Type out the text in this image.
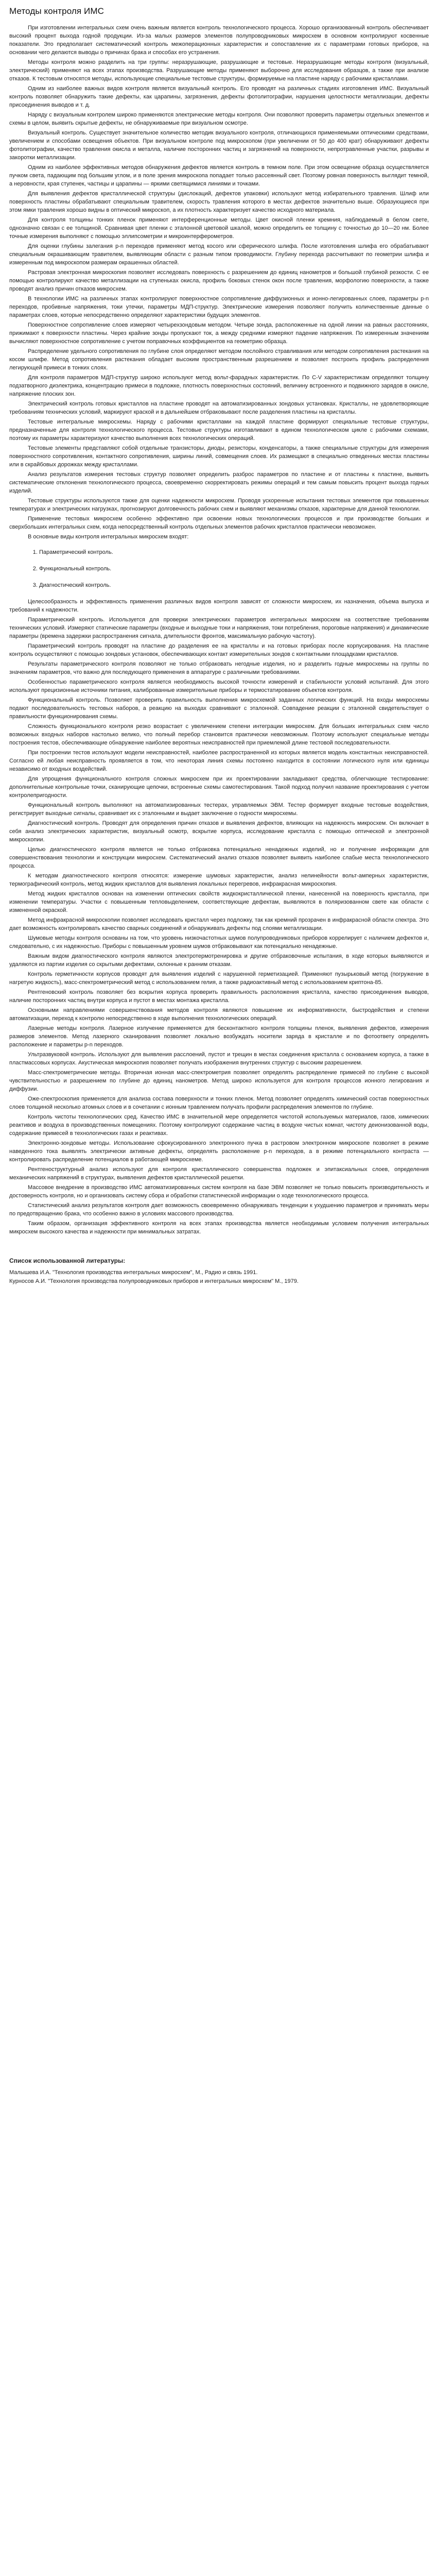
Методы контроля ИМС

При изготовлении интегральных схем очень важным является контроль технологического процесса. Хорошо организованный контроль обеспечивает высокий процент выхода годной продукции. Из-за малых размеров элементов полупроводниковых микросхем в основном контролируют косвенные показатели. Это предполагает систематический контроль межоперационных характеристик и сопоставление их с параметрами готовых приборов, на основании чего делаются выводы о причинах брака и способах его устранения.

Методы контроля можно разделить на три группы: неразрушающие, разрушающие и тестовые. Неразрушающие методы контроля (визуальный, электрический) применяют на всех этапах производства. Разрушающие методы применяют выборочно для исследования образцов, а также при анализе отказов. К тестовым относятся методы, использующие специальные тестовые структуры, формируемые на пластине наряду с рабочими кристаллами.

Одним из наиболее важных видов контроля является визуальный контроль. Его проводят на различных стадиях изготовления ИМС. Визуальный контроль позволяет обнаружить такие дефекты, как царапины, загрязнения, дефекты фотолитографии, нарушения целостности металлизации, дефекты присоединения выводов и т. д.

Наряду с визуальным контролем широко применяются электрические методы контроля. Они позволяют проверить параметры отдельных элементов и схемы в целом, выявить скрытые дефекты, не обнаруживаемые при визуальном осмотре.

Визуальный контроль. Существует значительное количество методик визуального контроля, отличающихся применяемыми оптическими средствами, увеличением и способами освещения объектов. При визуальном контроле под микроскопом (при увеличении от 50 до 400 крат) обнаруживают дефекты фотолитографии, качество травления окисла и металла, наличие посторонних частиц и загрязнений на поверхности, непротравленные участки, разрывы и закоротки металлизации.

Одним из наиболее эффективных методов обнаружения дефектов является контроль в темном поле. При этом освещение образца осуществляется пучком света, падающим под большим углом, и в поле зрения микроскопа попадает только рассеянный свет. Поэтому ровная поверхность выглядит темной, а неровности, края ступенек, частицы и царапины — яркими светящимися линиями и точками.

Для выявления дефектов кристаллической структуры (дислокаций, дефектов упаковки) используют метод избирательного травления. Шлиф или поверхность пластины обрабатывают специальным травителем, скорость травления которого в местах дефектов значительно выше. Образующиеся при этом ямки травления хорошо видны в оптический микроскоп, а их плотность характеризует качество исходного материала.

Для контроля толщины тонких пленок применяют интерференционные методы. Цвет окисной пленки кремния, наблюдаемый в белом свете, однозначно связан с ее толщиной. Сравнивая цвет пленки с эталонной цветовой шкалой, можно определить ее толщину с точностью до 10—20 нм. Более точные измерения выполняют с помощью эллипсометрии и микроинтерферометров.

Для оценки глубины залегания p-n переходов применяют метод косого или сферического шлифа. После изготовления шлифа его обрабатывают специальным окрашивающим травителем, выявляющим области с разным типом проводимости. Глубину перехода рассчитывают по геометрии шлифа и измеренным под микроскопом размерам окрашенных областей.

Растровая электронная микроскопия позволяет исследовать поверхность с разрешением до единиц нанометров и большой глубиной резкости. С ее помощью контролируют качество металлизации на ступеньках окисла, профиль боковых стенок окон после травления, морфологию поверхности, а также проводят анализ причин отказов микросхем.

В технологии ИМС на различных этапах контролируют поверхностное сопротивление диффузионных и ионно-легированных слоев, параметры p-n переходов, пробивные напряжения, токи утечки, параметры МДП-структур. Электрические измерения позволяют получить количественные данные о параметрах слоев, которые непосредственно определяют характеристики будущих элементов.

Поверхностное сопротивление слоев измеряют четырехзондовым методом. Четыре зонда, расположенные на одной линии на равных расстояниях, прижимают к поверхности пластины. Через крайние зонды пропускают ток, а между средними измеряют падение напряжения. По измеренным значениям вычисляют поверхностное сопротивление с учетом поправочных коэффициентов на геометрию образца.

Распределение удельного сопротивления по глубине слоя определяют методом послойного стравливания или методом сопротивления растекания на косом шлифе. Метод сопротивления растекания обладает высоким пространственным разрешением и позволяет построить профиль распределения легирующей примеси в тонких слоях.

Для контроля параметров МДП-структур широко используют метод вольт-фарадных характеристик. По C-V характеристикам определяют толщину подзатворного диэлектрика, концентрацию примеси в подложке, плотность поверхностных состояний, величину встроенного и подвижного зарядов в окисле, напряжение плоских зон.

Электрический контроль готовых кристаллов на пластине проводят на автоматизированных зондовых установках. Кристаллы, не удовлетворяющие требованиям технических условий, маркируют краской и в дальнейшем отбраковывают после разделения пластины на кристаллы.

Тестовые интегральные микросхемы. Наряду с рабочими кристаллами на каждой пластине формируют специальные тестовые структуры, предназначенные для контроля технологического процесса. Тестовые структуры изготавливают в едином технологическом цикле с рабочими схемами, поэтому их параметры характеризуют качество выполнения всех технологических операций.

Тестовые элементы представляют собой отдельные транзисторы, диоды, резисторы, конденсаторы, а также специальные структуры для измерения поверхностного сопротивления, контактного сопротивления, ширины линий, совмещения слоев. Их размещают в специально отведенных местах пластины или в скрайбовых дорожках между кристаллами.

Анализ результатов измерения тестовых структур позволяет определить разброс параметров по пластине и от пластины к пластине, выявить систематические отклонения технологического процесса, своевременно скорректировать режимы операций и тем самым повысить процент выхода годных изделий.

Тестовые структуры используются также для оценки надежности микросхем. Проводя ускоренные испытания тестовых элементов при повышенных температурах и электрических нагрузках, прогнозируют долговечность рабочих схем и выявляют механизмы отказов, характерные для данной технологии.

Применение тестовых микросхем особенно эффективно при освоении новых технологических процессов и при производстве больших и сверхбольших интегральных схем, когда непосредственный контроль отдельных элементов рабочих кристаллов практически невозможен.

В основные виды контроля интегральных микросхем входят:

1. Параметрический контроль.
2. Функциональный контроль.
3. Диагностический контроль.

Целесообразность и эффективность применения различных видов контроля зависят от сложности микросхем, их назначения, объема выпуска и требований к надежности.

Параметрический контроль. Используется для проверки электрических параметров интегральных микросхем на соответствие требованиям технических условий. Измеряют статические параметры (входные и выходные токи и напряжения, токи потребления, пороговые напряжения) и динамические параметры (времена задержки распространения сигнала, длительности фронтов, максимальную рабочую частоту).

Параметрический контроль проводят на пластине до разделения ее на кристаллы и на готовых приборах после корпусирования. На пластине контроль осуществляют с помощью зондовых установок, обеспечивающих контакт измерительных зондов с контактными площадками кристаллов.

Результаты параметрического контроля позволяют не только отбраковать негодные изделия, но и разделить годные микросхемы на группы по значениям параметров, что важно для последующего применения в аппаратуре с различными требованиями.

Особенностью параметрического контроля является необходимость высокой точности измерений и стабильности условий испытаний. Для этого используют прецизионные источники питания, калиброванные измерительные приборы и термостатирование объектов контроля.

Функциональный контроль. Позволяет проверить правильность выполнения микросхемой заданных логических функций. На входы микросхемы подают последовательность тестовых наборов, а реакцию на выходах сравнивают с эталонной. Совпадение реакции с эталонной свидетельствует о правильности функционирования схемы.

Сложность функционального контроля резко возрастает с увеличением степени интеграции микросхем. Для больших интегральных схем число возможных входных наборов настолько велико, что полный перебор становится практически невозможным. Поэтому используют специальные методы построения тестов, обеспечивающие обнаружение наиболее вероятных неисправностей при приемлемой длине тестовой последовательности.

При построении тестов используют модели неисправностей, наиболее распространенной из которых является модель константных неисправностей. Согласно ей любая неисправность проявляется в том, что некоторая линия схемы постоянно находится в состоянии логического нуля или единицы независимо от входных воздействий.

Для упрощения функционального контроля сложных микросхем при их проектировании закладывают средства, облегчающие тестирование: дополнительные контрольные точки, сканирующие цепочки, встроенные схемы самотестирования. Такой подход получил название проектирования с учетом контролепригодности.

Функциональный контроль выполняют на автоматизированных тестерах, управляемых ЭВМ. Тестер формирует входные тестовые воздействия, регистрирует выходные сигналы, сравнивает их с эталонными и выдает заключение о годности микросхемы.

Диагностический контроль. Проводят для определения причин отказов и выявления дефектов, влияющих на надежность микросхем. Он включает в себя анализ электрических характеристик, визуальный осмотр, вскрытие корпуса, исследование кристалла с помощью оптической и электронной микроскопии.

Целью диагностического контроля является не только отбраковка потенциально ненадежных изделий, но и получение информации для совершенствования технологии и конструкции микросхем. Систематический анализ отказов позволяет выявить наиболее слабые места технологического процесса.

К методам диагностического контроля относятся: измерение шумовых характеристик, анализ нелинейности вольт-амперных характеристик, термографический контроль, метод жидких кристаллов для выявления локальных перегревов, инфракрасная микроскопия.

Метод жидких кристаллов основан на изменении оптических свойств жидкокристаллической пленки, нанесенной на поверхность кристалла, при изменении температуры. Участки с повышенным тепловыделением, соответствующие дефектам, выявляются в поляризованном свете как области с измененной окраской.

Метод инфракрасной микроскопии позволяет исследовать кристалл через подложку, так как кремний прозрачен в инфракрасной области спектра. Это дает возможность контролировать качество сварных соединений и обнаруживать дефекты под слоями металлизации.

Шумовые методы контроля основаны на том, что уровень низкочастотных шумов полупроводниковых приборов коррелирует с наличием дефектов и, следовательно, с их надежностью. Приборы с повышенным уровнем шумов отбраковывают как потенциально ненадежные.

Важным видом диагностического контроля являются электротермотренировка и другие отбраковочные испытания, в ходе которых выявляются и удаляются из партии изделия со скрытыми дефектами, склонные к ранним отказам.

Контроль герметичности корпусов проводят для выявления изделий с нарушенной герметизацией. Применяют пузырьковый метод (погружение в нагретую жидкость), масс-спектрометрический метод с использованием гелия, а также радиоактивный метод с использованием криптона-85.

Рентгеновский контроль позволяет без вскрытия корпуса проверить правильность расположения кристалла, качество присоединения выводов, наличие посторонних частиц внутри корпуса и пустот в местах монтажа кристалла.

Основными направлениями совершенствования методов контроля являются повышение их информативности, быстродействия и степени автоматизации, переход к контролю непосредственно в ходе выполнения технологических операций.

Лазерные методы контроля. Лазерное излучение применяется для бесконтактного контроля толщины пленок, выявления дефектов, измерения размеров элементов. Метод лазерного сканирования позволяет локально возбуждать носители заряда в кристалле и по фотоответу определять расположение и параметры p-n переходов.

Ультразвуковой контроль. Используют для выявления расслоений, пустот и трещин в местах соединения кристалла с основанием корпуса, а также в пластмассовых корпусах. Акустическая микроскопия позволяет получать изображения внутренних структур с высоким разрешением.

Масс-спектрометрические методы. Вторичная ионная масс-спектрометрия позволяет определять распределение примесей по глубине с высокой чувствительностью и разрешением по глубине до единиц нанометров. Метод широко используется для контроля процессов ионного легирования и диффузии.

Оже-спектроскопия применяется для анализа состава поверхности и тонких пленок. Метод позволяет определять химический состав поверхностных слоев толщиной несколько атомных слоев и в сочетании с ионным травлением получать профили распределения элементов по глубине.

Контроль чистоты технологических сред. Качество ИМС в значительной мере определяется чистотой используемых материалов, газов, химических реактивов и воздуха в производственных помещениях. Поэтому контролируют содержание частиц в воздухе чистых комнат, чистоту деионизованной воды, содержание примесей в технологических газах и реактивах.

Электронно-зондовые методы. Использование сфокусированного электронного пучка в растровом электронном микроскопе позволяет в режиме наведенного тока выявлять электрически активные дефекты, определять расположение p-n переходов, а в режиме потенциального контраста — контролировать распределение потенциалов в работающей микросхеме.

Рентгеноструктурный анализ используют для контроля кристаллического совершенства подложек и эпитаксиальных слоев, определения механических напряжений в структурах, выявления дефектов кристаллической решетки.

Массовое внедрение в производство ИМС автоматизированных систем контроля на базе ЭВМ позволяет не только повысить производительность и достоверность контроля, но и организовать систему сбора и обработки статистической информации о ходе технологического процесса.

Статистический анализ результатов контроля дает возможность своевременно обнаруживать тенденции к ухудшению параметров и принимать меры по предотвращению брака, что особенно важно в условиях массового производства.

Таким образом, организация эффективного контроля на всех этапах производства является необходимым условием получения интегральных микросхем высокого качества и надежности при минимальных затратах.

Список использованной литературы:

Малышева И.А. "Технология производства интегральных микросхем", М., Радио и связь 1991.

Курносов А.И. "Технология производства полупроводниковых приборов и интегральных микросхем" М., 1979.
